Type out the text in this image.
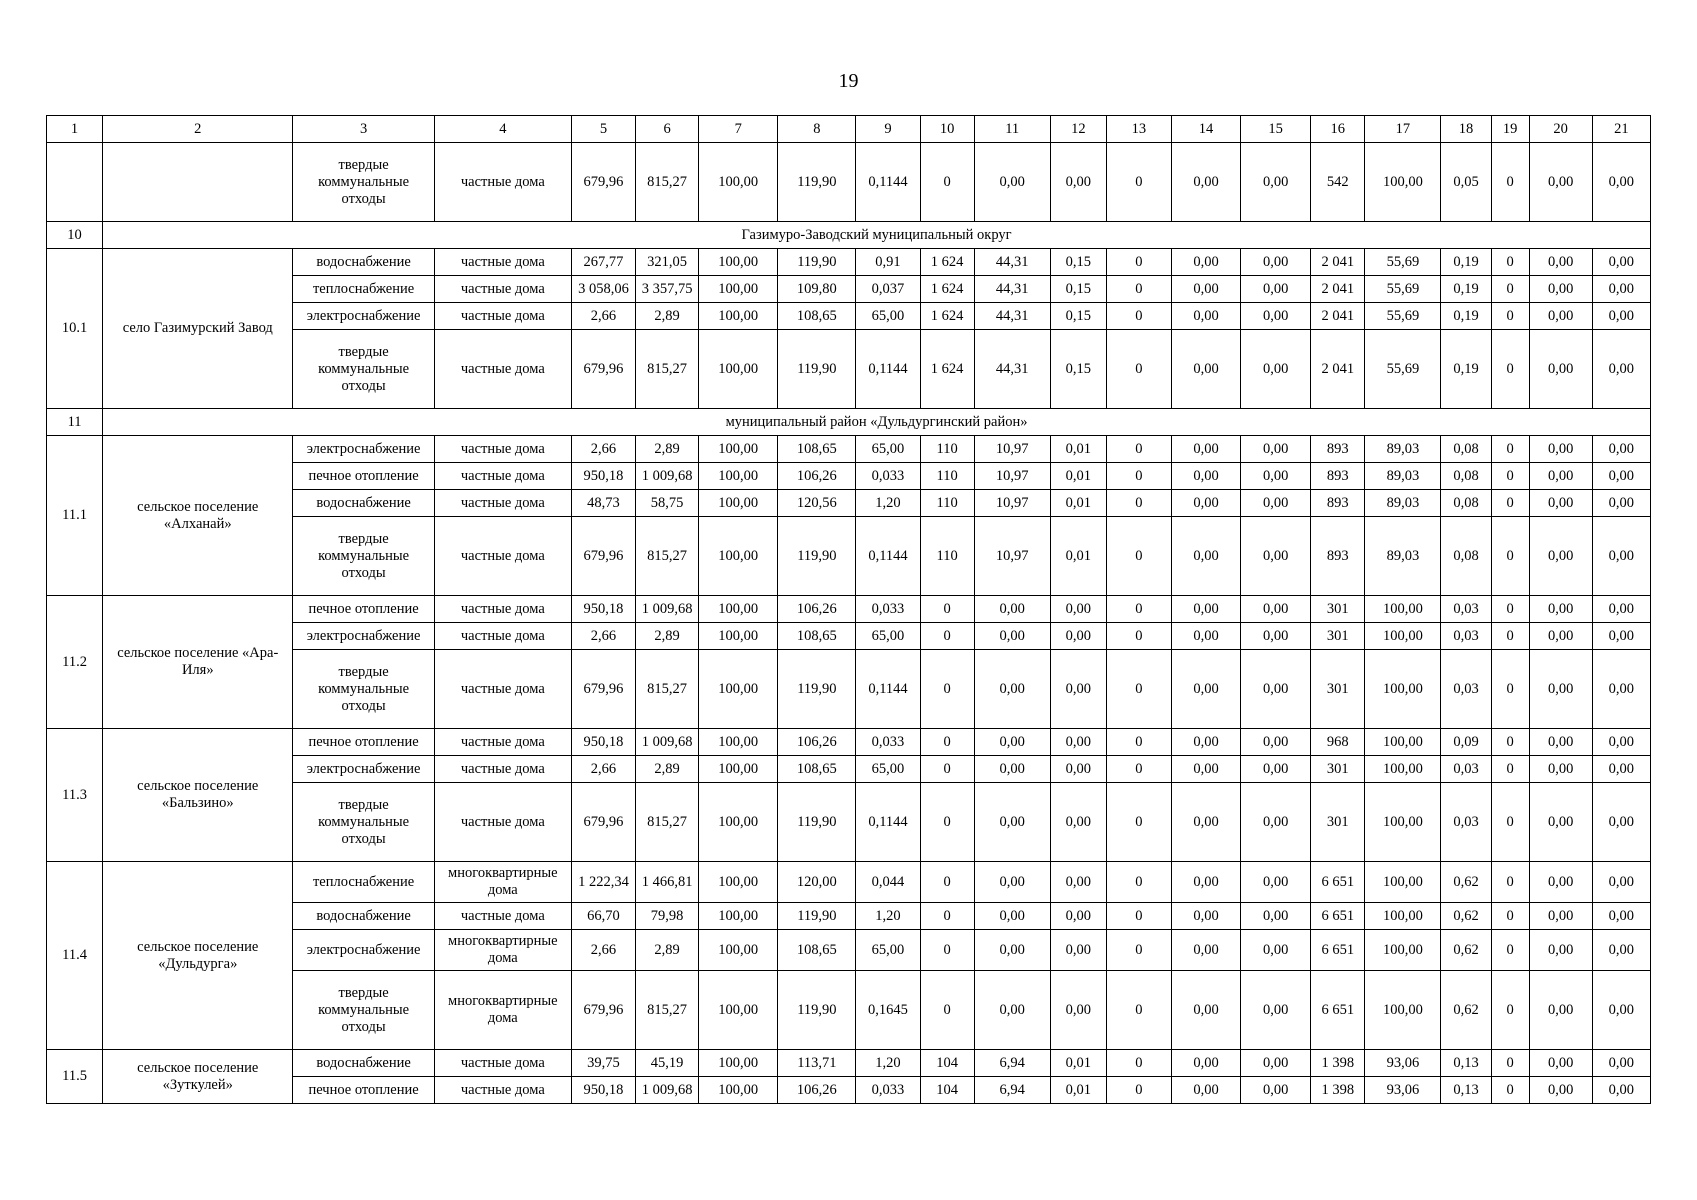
19
1	2	3	4	5	6	7	8	9	10	11	12	13	14	15	16	17	18	19	20	21
		твердые коммунальные отходы	частные дома	679,96	815,27	100,00	119,90	0,1144	0	0,00	0,00	0	0,00	0,00	542	100,00	0,05	0	0,00	0,00
10	Газимуро-Заводский муниципальный округ																			
10.1	село Газимурский Завод	водоснабжение	частные дома	267,77	321,05	100,00	119,90	0,91	1 624	44,31	0,15	0	0,00	0,00	2 041	55,69	0,19	0	0,00	0,00
		теплоснабжение	частные дома	3 058,06	3 357,75	100,00	109,80	0,037	1 624	44,31	0,15	0	0,00	0,00	2 041	55,69	0,19	0	0,00	0,00
		электроснабжение	частные дома	2,66	2,89	100,00	108,65	65,00	1 624	44,31	0,15	0	0,00	0,00	2 041	55,69	0,19	0	0,00	0,00
		твердые коммунальные отходы	частные дома	679,96	815,27	100,00	119,90	0,1144	1 624	44,31	0,15	0	0,00	0,00	2 041	55,69	0,19	0	0,00	0,00
11	муниципальный район «Дульдургинский район»																			
11.1	сельское поселение «Алханай»	электроснабжение	частные дома	2,66	2,89	100,00	108,65	65,00	110	10,97	0,01	0	0,00	0,00	893	89,03	0,08	0	0,00	0,00
		печное отопление	частные дома	950,18	1 009,68	100,00	106,26	0,033	110	10,97	0,01	0	0,00	0,00	893	89,03	0,08	0	0,00	0,00
		водоснабжение	частные дома	48,73	58,75	100,00	120,56	1,20	110	10,97	0,01	0	0,00	0,00	893	89,03	0,08	0	0,00	0,00
		твердые коммунальные отходы	частные дома	679,96	815,27	100,00	119,90	0,1144	110	10,97	0,01	0	0,00	0,00	893	89,03	0,08	0	0,00	0,00
11.2	сельское поселение «Ара-Иля»	печное отопление	частные дома	950,18	1 009,68	100,00	106,26	0,033	0	0,00	0,00	0	0,00	0,00	301	100,00	0,03	0	0,00	0,00
		электроснабжение	частные дома	2,66	2,89	100,00	108,65	65,00	0	0,00	0,00	0	0,00	0,00	301	100,00	0,03	0	0,00	0,00
		твердые коммунальные отходы	частные дома	679,96	815,27	100,00	119,90	0,1144	0	0,00	0,00	0	0,00	0,00	301	100,00	0,03	0	0,00	0,00
11.3	сельское поселение «Бальзино»	печное отопление	частные дома	950,18	1 009,68	100,00	106,26	0,033	0	0,00	0,00	0	0,00	0,00	968	100,00	0,09	0	0,00	0,00
		электроснабжение	частные дома	2,66	2,89	100,00	108,65	65,00	0	0,00	0,00	0	0,00	0,00	301	100,00	0,03	0	0,00	0,00
		твердые коммунальные отходы	частные дома	679,96	815,27	100,00	119,90	0,1144	0	0,00	0,00	0	0,00	0,00	301	100,00	0,03	0	0,00	0,00
11.4	сельское поселение «Дульдурга»	теплоснабжение	многоквартирные дома	1 222,34	1 466,81	100,00	120,00	0,044	0	0,00	0,00	0	0,00	0,00	6 651	100,00	0,62	0	0,00	0,00
		водоснабжение	частные дома	66,70	79,98	100,00	119,90	1,20	0	0,00	0,00	0	0,00	0,00	6 651	100,00	0,62	0	0,00	0,00
		электроснабжение	многоквартирные дома	2,66	2,89	100,00	108,65	65,00	0	0,00	0,00	0	0,00	0,00	6 651	100,00	0,62	0	0,00	0,00
		твердые коммунальные отходы	многоквартирные дома	679,96	815,27	100,00	119,90	0,1645	0	0,00	0,00	0	0,00	0,00	6 651	100,00	0,62	0	0,00	0,00
11.5	сельское поселение «Зуткулей»	водоснабжение	частные дома	39,75	45,19	100,00	113,71	1,20	104	6,94	0,01	0	0,00	0,00	1 398	93,06	0,13	0	0,00	0,00
		печное отопление	частные дома	950,18	1 009,68	100,00	106,26	0,033	104	6,94	0,01	0	0,00	0,00	1 398	93,06	0,13	0	0,00	0,00
